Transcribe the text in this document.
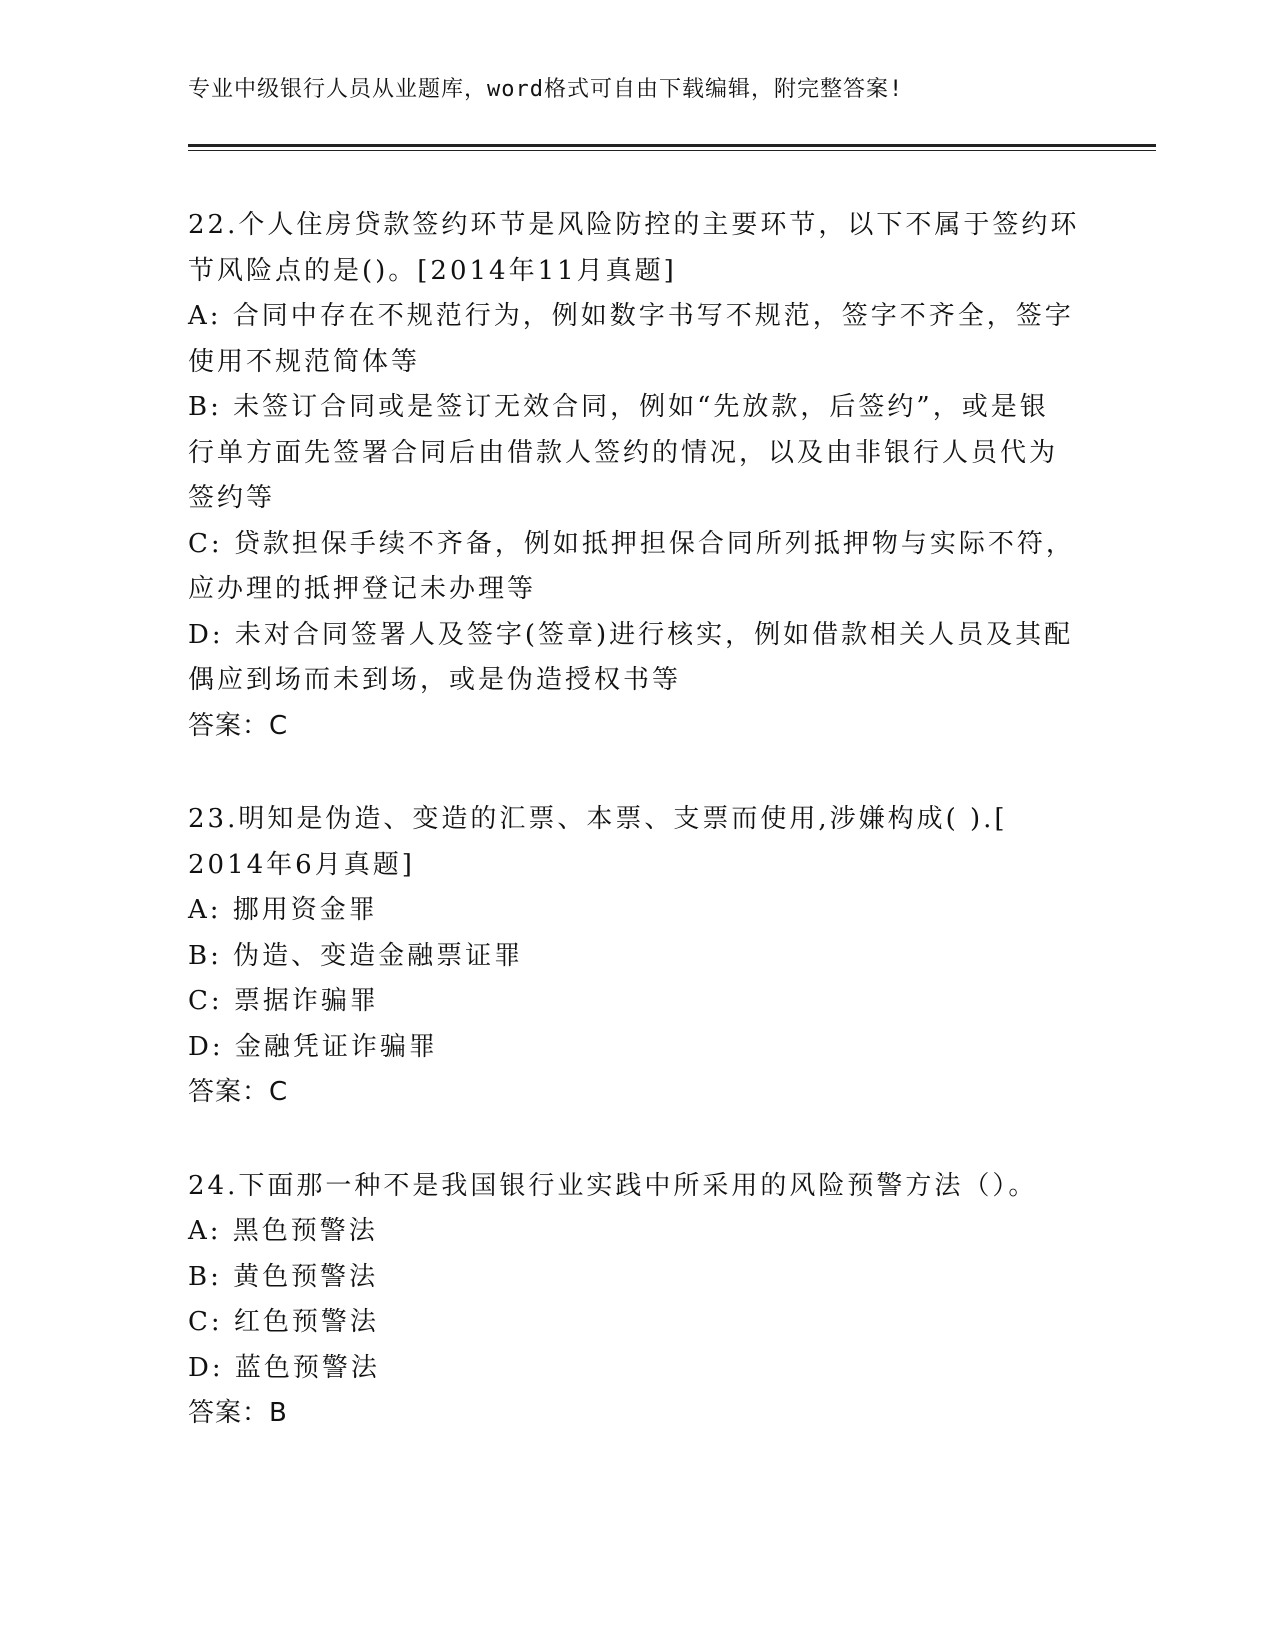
专业中级银行人员从业题库，word格式可自由下载编辑，附完整答案!
22.个人住房贷款签约环节是风险防控的主要环节，以下不属于签约环
节风险点的是()。[2014年11月真题]
A: 合同中存在不规范行为，例如数字书写不规范，签字不齐全，签字
使用不规范简体等
B: 未签订合同或是签订无效合同，例如“先放款，后签约”，或是银
行单方面先签署合同后由借款人签约的情况，以及由非银行人员代为
签约等
C: 贷款担保手续不齐备，例如抵押担保合同所列抵押物与实际不符，
应办理的抵押登记未办理等
D: 未对合同签署人及签字(签章)进行核实，例如借款相关人员及其配
偶应到场而未到场，或是伪造授权书等
答案：C
23.明知是伪造、变造的汇票、本票、支票而使用,涉嫌构成( ).[
2014年6月真题]
A: 挪用资金罪
B: 伪造、变造金融票证罪
C: 票据诈骗罪
D: 金融凭证诈骗罪
答案：C
24.下面那一种不是我国银行业实践中所采用的风险预警方法（）。
A: 黑色预警法
B: 黄色预警法
C: 红色预警法
D: 蓝色预警法
答案：B
